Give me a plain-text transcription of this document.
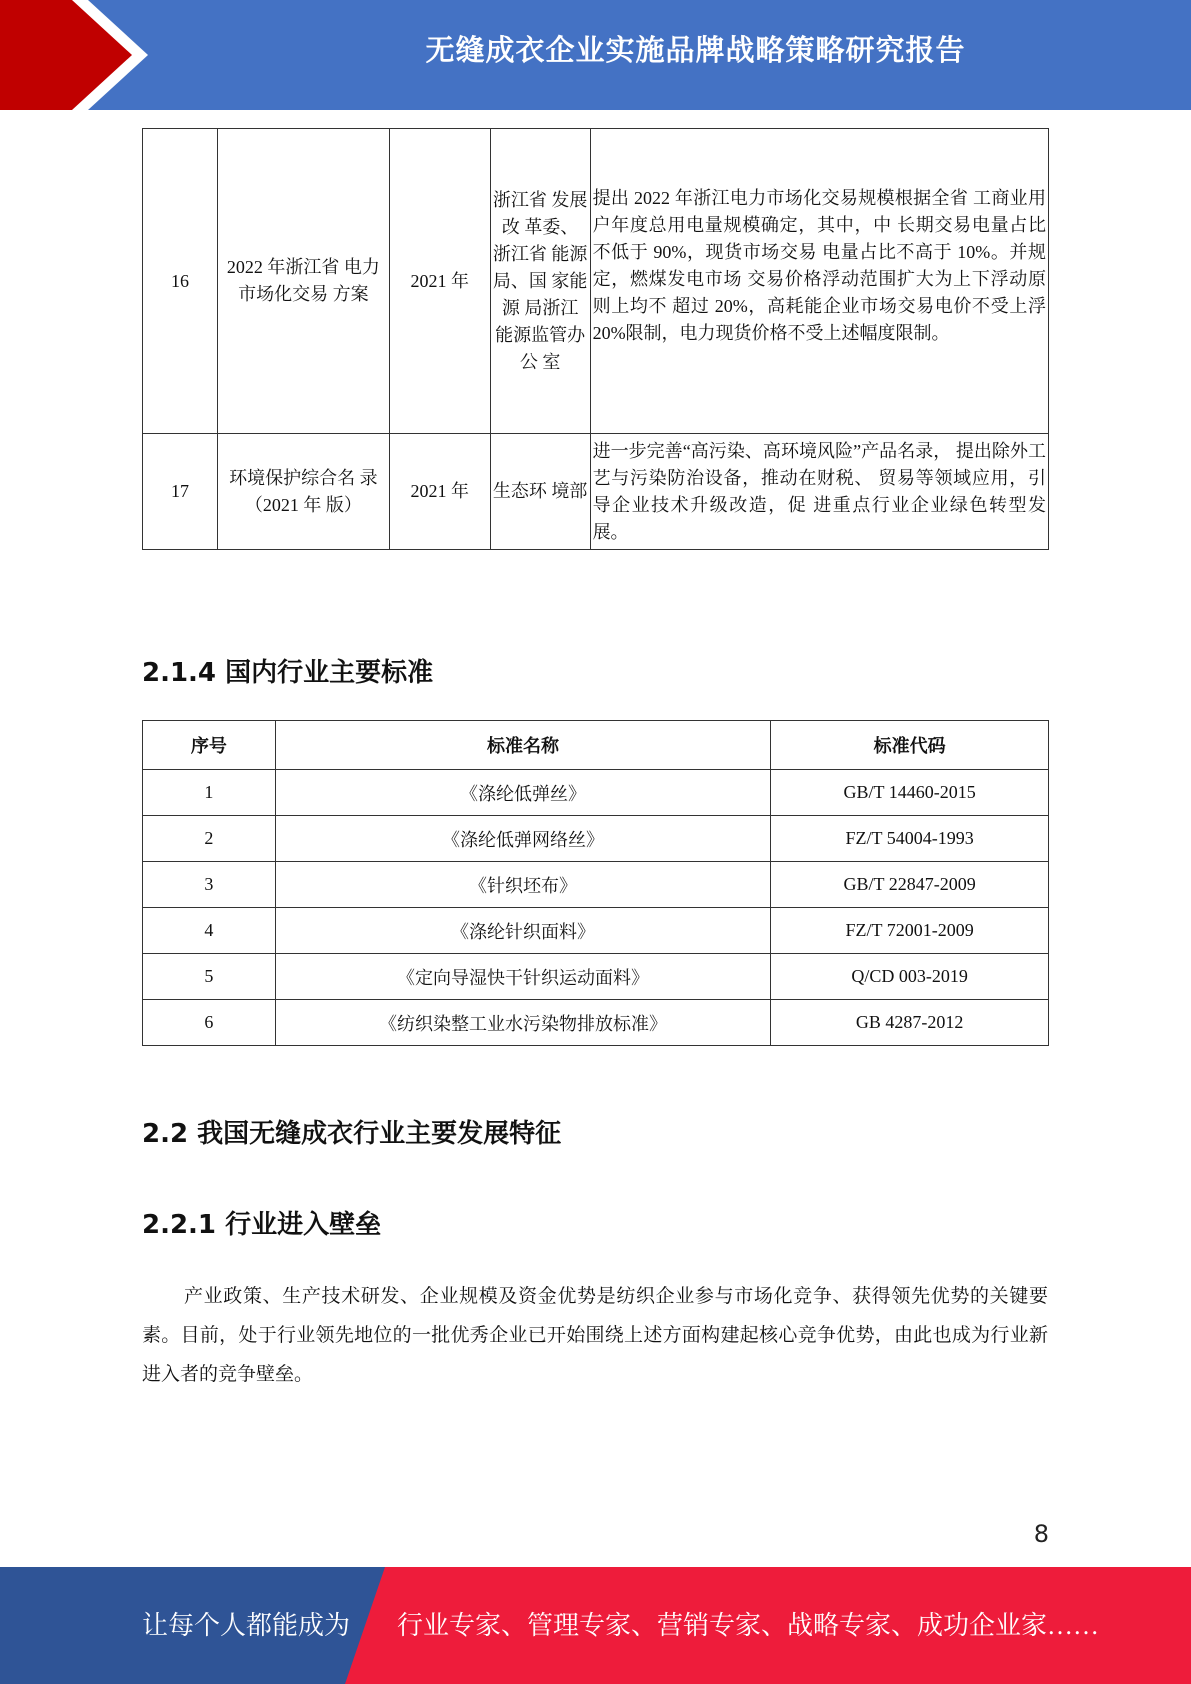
无缝成衣企业实施品牌战略策略研究报告
16	2022 年浙江省 电力市场化交易 方案	2021 年	浙江省 发展改 革委、 浙江省 能源局、国 家能源 局浙江 能源监管办公 室	提出 2022 年浙江电力市场化交易规模根据全省 工商业用户年度总用电量规模确定，其中，中 长期交易电量占比不低于 90%，现货市场交易 电量占比不高于 10%。并规定，燃煤发电市场 交易价格浮动范围扩大为上下浮动原则上均不 超过 20%，高耗能企业市场交易电价不受上浮 20%限制，电力现货价格不受上述幅度限制。
17	环境保护综合名 录（2021 年 版）	2021 年	生态环 境部	进一步完善“高污染、高环境风险”产品名录， 提出除外工艺与污染防治设备，推动在财税、 贸易等领域应用，引导企业技术升级改造，促 进重点行业企业绿色转型发展。
2.1.4 国内行业主要标准
序号	标准名称	标准代码
1	《涤纶低弹丝》	GB/T 14460-2015
2	《涤纶低弹网络丝》	FZ/T 54004-1993
3	《针织坯布》	GB/T 22847-2009
4	《涤纶针织面料》	FZ/T 72001-2009
5	《定向导湿快干针织运动面料》	Q/CD 003-2019
6	《纺织染整工业水污染物排放标准》	GB 4287-2012
2.2 我国无缝成衣行业主要发展特征
2.2.1 行业进入壁垒

产业政策、生产技术研发、企业规模及资金优势是纺织企业参与市场化竞争、获得领先优势的关键要素。目前，处于行业领先地位的一批优秀企业已开始围绕上述方面构建起核心竞争优势，由此也成为行业新进入者的竞争壁垒。

8
让每个人都能成为 行业专家、管理专家、营销专家、战略专家、成功企业家……
